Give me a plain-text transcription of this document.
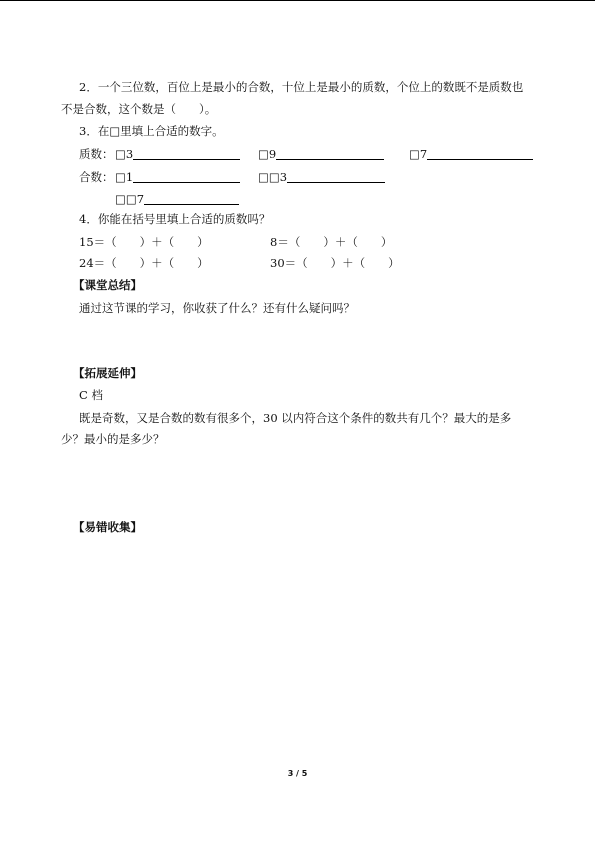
2．一个三位数，百位上是最小的合数，十位上是最小的质数，个位上的数既不是质数也
不是合数，这个数是（　　）。
3．在□里填上合适的数字。
质数： □3	□9	□7
合数： □1	□□3
□□7
4．你能在括号里填上合适的质数吗？
15＝（　　）＋（　　）	8＝（　　）＋（　　）
24＝（　　）＋（　　）	30＝（　　）＋（　　）
【课堂总结】
通过这节课的学习，你收获了什么？还有什么疑问吗？
【拓展延伸】
C 档
既是奇数，又是合数的数有很多个，30 以内符合这个条件的数共有几个？最大的是多
少？最小的是多少？
【易错收集】
3 / 5
